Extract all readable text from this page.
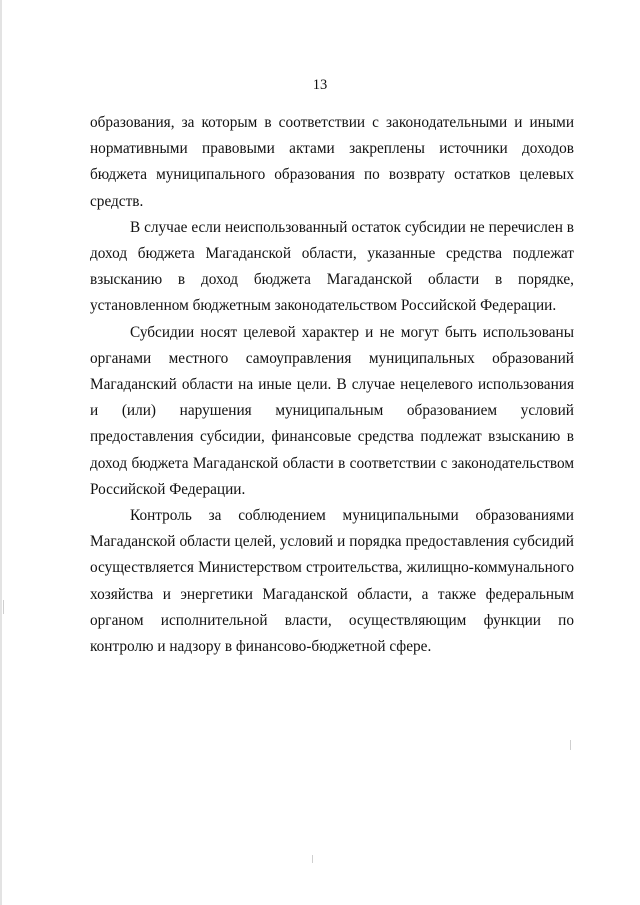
13

образования, за которым в соответствии с законодательными и иными нормативными правовыми актами закреплены источники доходов бюджета муниципального образования по возврату остатков целевых средств.

В случае если неиспользованный остаток субсидии не перечислен в доход бюджета Магаданской области, указанные средства подлежат взысканию в доход бюджета Магаданской области в порядке, установленном бюджетным законодательством Российской Федерации.

Субсидии носят целевой характер и не могут быть использованы органами местного самоуправления муниципальных образований Магаданский области на иные цели. В случае нецелевого использования и (или) нарушения муниципальным образованием условий предоставления субсидии, финансовые средства подлежат взысканию в доход бюджета Магаданской области в соответствии с законодательством Российской Федерации.

Контроль за соблюдением муниципальными образованиями Магаданской области целей, условий и порядка предоставления субсидий осуществляется Министерством строительства, жилищно-коммунального хозяйства и энергетики Магаданской области, а также федеральным органом исполнительной власти, осуществляющим функции по контролю и надзору в финансово-бюджетной сфере.
